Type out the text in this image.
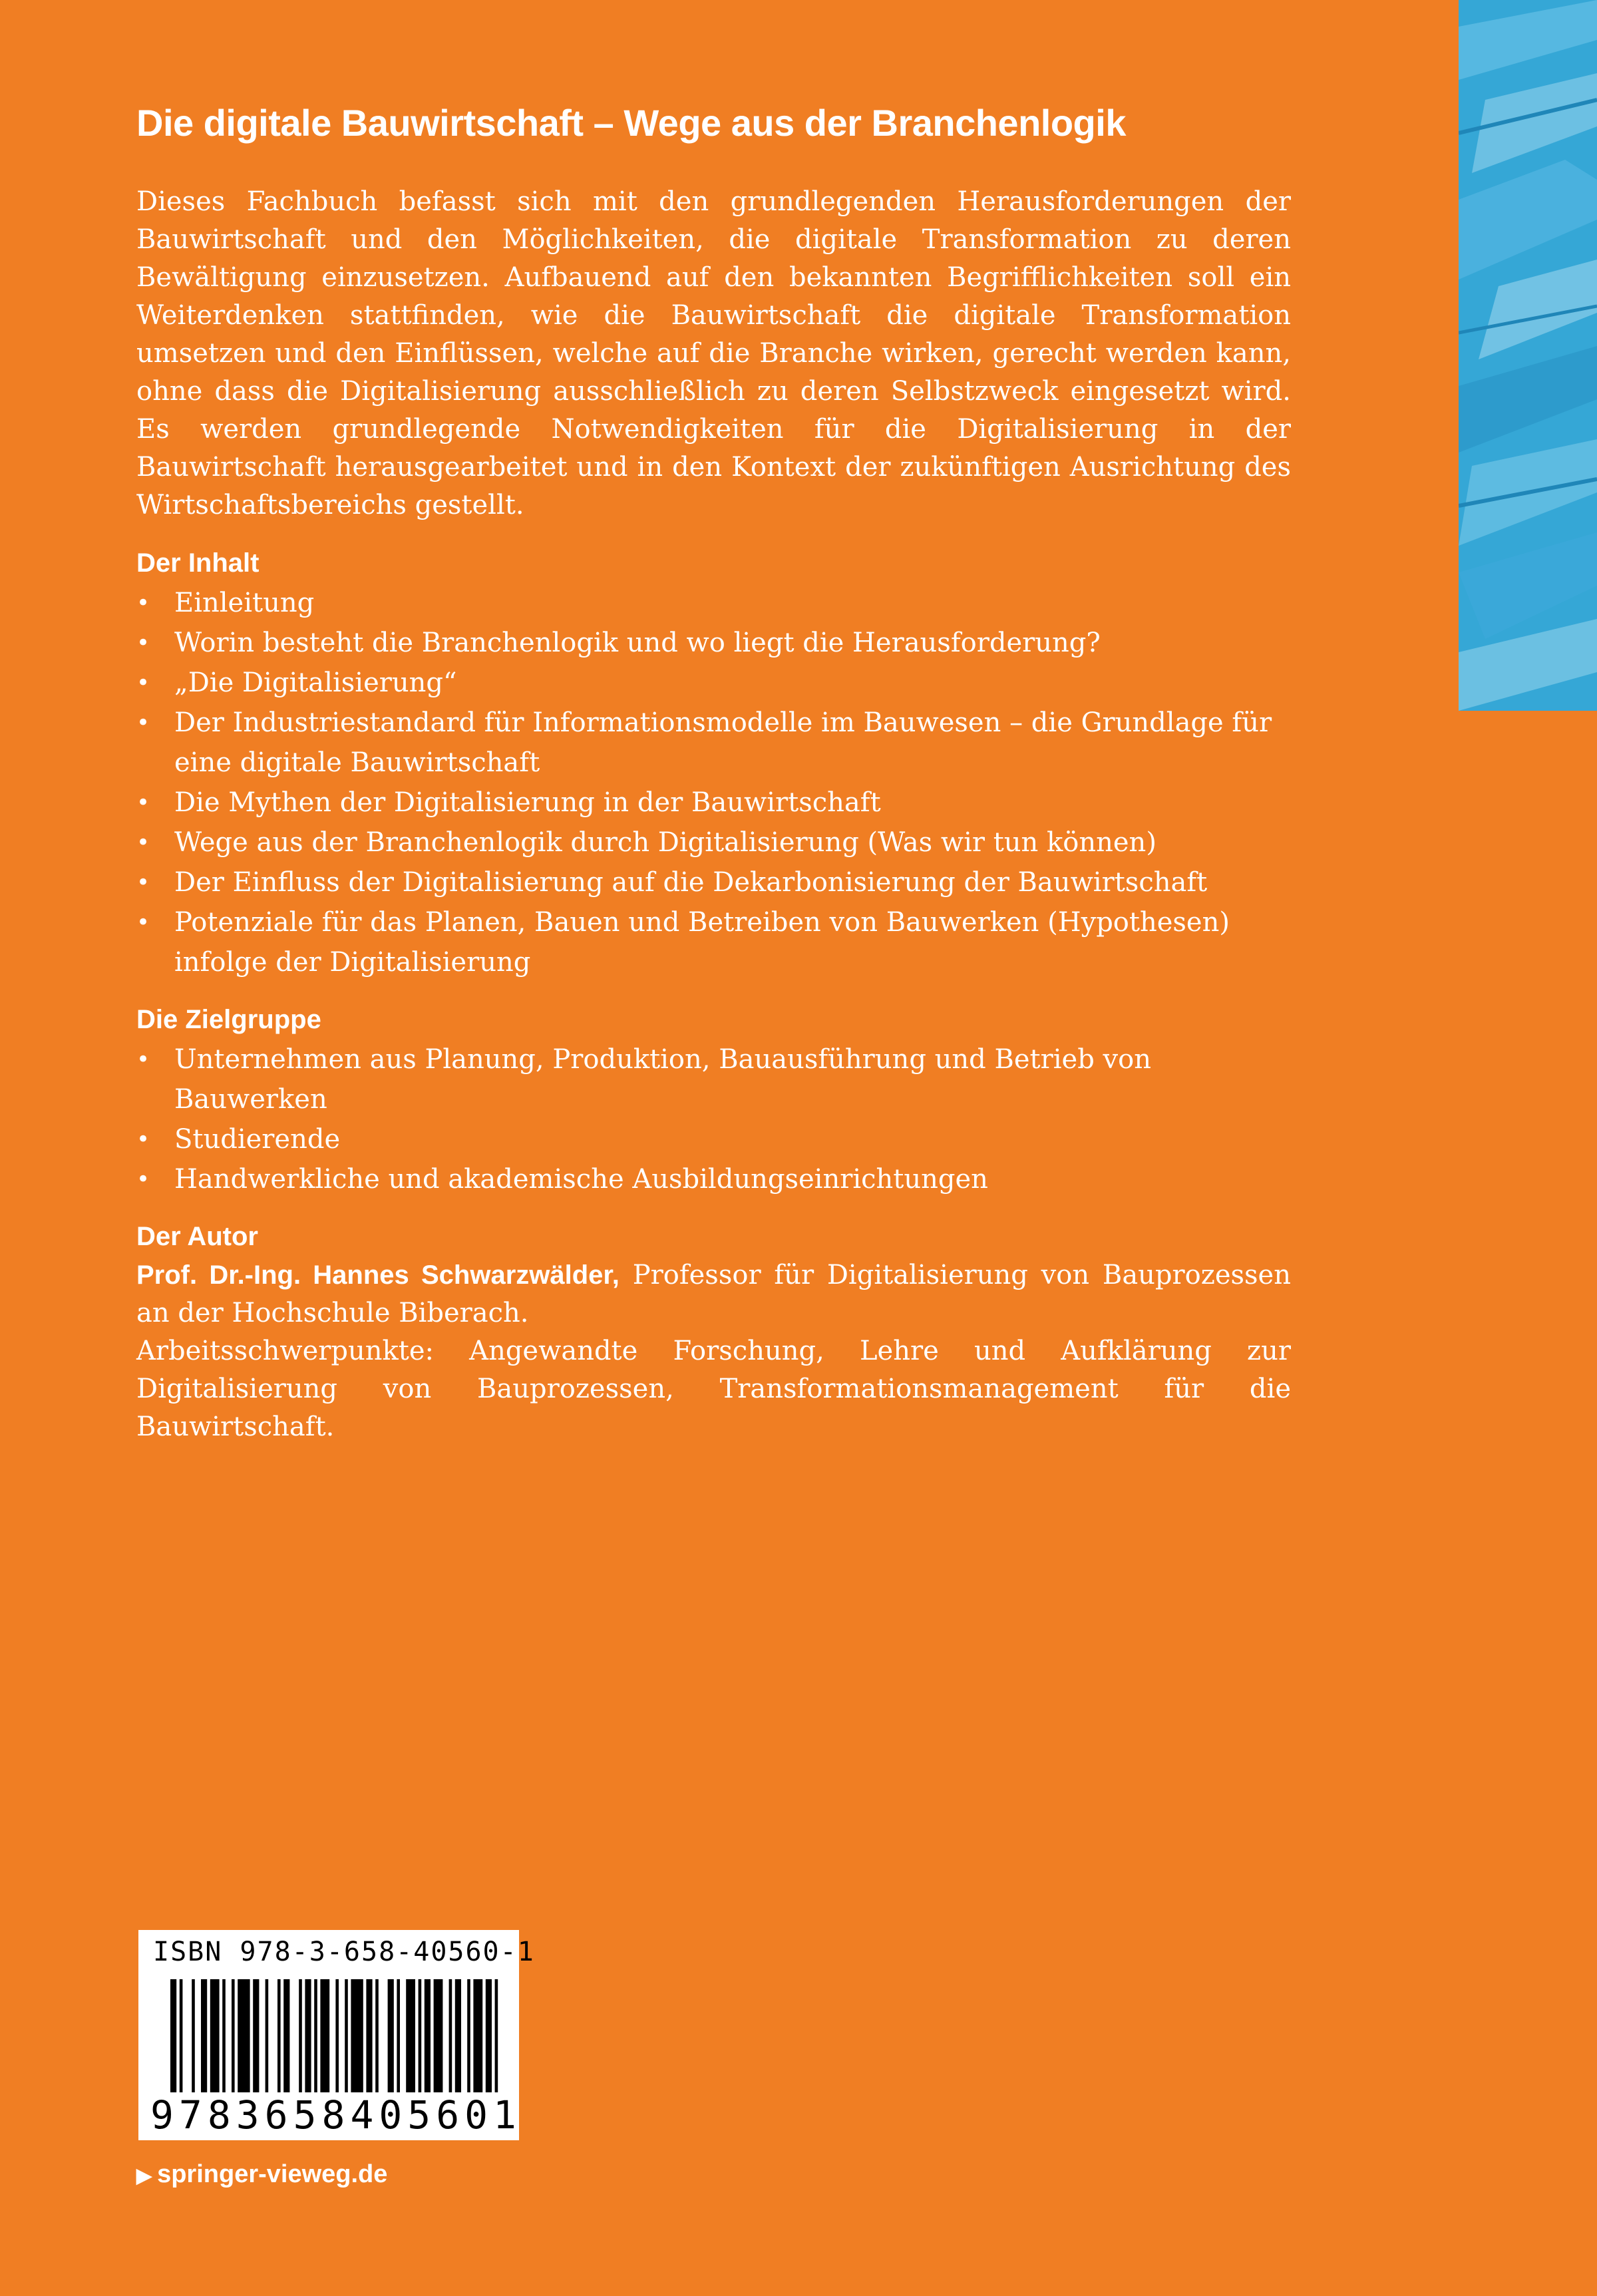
Die digitale Bauwirtschaft – Wege aus der Branchenlogik

Dieses Fachbuch befasst sich mit den grundlegenden Herausforderungen der Bauwirtschaft und den Möglichkeiten, die digitale Transformation zu deren Bewältigung einzusetzen. Aufbauend auf den bekannten Begrifflichkeiten soll ein Weiterdenken stattfinden, wie die Bauwirtschaft die digitale Transformation umsetzen und den Einflüssen, welche auf die Branche wirken, gerecht werden kann, ohne dass die Digitalisierung ausschließlich zu deren Selbstzweck eingesetzt wird. Es werden grundlegende Notwendigkeiten für die Digitalisierung in der Bauwirtschaft herausgearbeitet und in den Kontext der zukünftigen Ausrichtung des Wirtschaftsbereichs gestellt.

Der Inhalt
• Einleitung
• Worin besteht die Branchenlogik und wo liegt die Herausforderung?
• „Die Digitalisierung“
• Der Industriestandard für Informationsmodelle im Bauwesen – die Grundlage für eine digitale Bauwirtschaft
• Die Mythen der Digitalisierung in der Bauwirtschaft
• Wege aus der Branchenlogik durch Digitalisierung (Was wir tun können)
• Der Einfluss der Digitalisierung auf die Dekarbonisierung der Bauwirtschaft
• Potenziale für das Planen, Bauen und Betreiben von Bauwerken (Hypothesen) infolge der Digitalisierung
Die Zielgruppe
• Unternehmen aus Planung, Produktion, Bauausführung und Betrieb von Bauwerken
• Studierende
• Handwerkliche und akademische Ausbildungseinrichtungen
Der Autor

Prof. Dr.-Ing. Hannes Schwarzwälder, Professor für Digitalisierung von Bauprozessen an der Hochschule Biberach.

Arbeitsschwerpunkte: Angewandte Forschung, Lehre und Aufklärung zur Digitalisierung von Bauprozessen, Transformationsmanagement für die Bauwirtschaft.

ISBN 978-3-658-40560-1
9783658405601
▶ springer-vieweg.de
